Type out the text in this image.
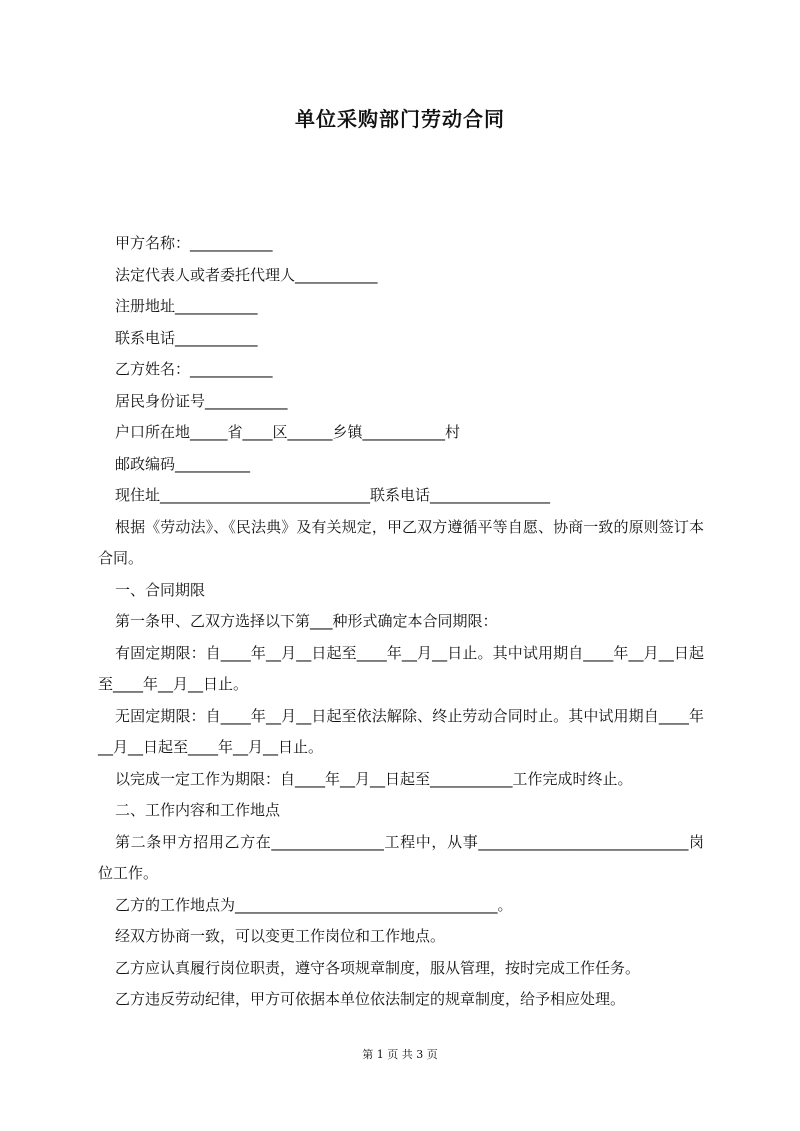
单位采购部门劳动合同
甲方名称：___________
法定代表人或者委托代理人___________
注册地址___________
联系电话___________
乙方姓名：___________
居民身份证号___________
户口所在地_____省____区______乡镇___________村
邮政编码__________
现住址____________________________联系电话________________
根据《劳动法》、《民法典》及有关规定，甲乙双方遵循平等自愿、协商一致的原则签订本合同。
一、合同期限
第一条甲、乙双方选择以下第___种形式确定本合同期限：
有固定期限：自____年__月__日起至____年__月__日止。其中试用期自____年__月__日起至____年__月__日止。
无固定期限：自____年__月__日起至依法解除、终止劳动合同时止。其中试用期自____年__月__日起至____年__月__日止。
以完成一定工作为期限：自____年__月__日起至___________工作完成时终止。
二、工作内容和工作地点
第二条甲方招用乙方在_______________工程中，从事____________________________岗位工作。
乙方的工作地点为___________________________________。
经双方协商一致，可以变更工作岗位和工作地点。
乙方应认真履行岗位职责，遵守各项规章制度，服从管理，按时完成工作任务。
乙方违反劳动纪律，甲方可依据本单位依法制定的规章制度，给予相应处理。
第 1 页 共 3 页
